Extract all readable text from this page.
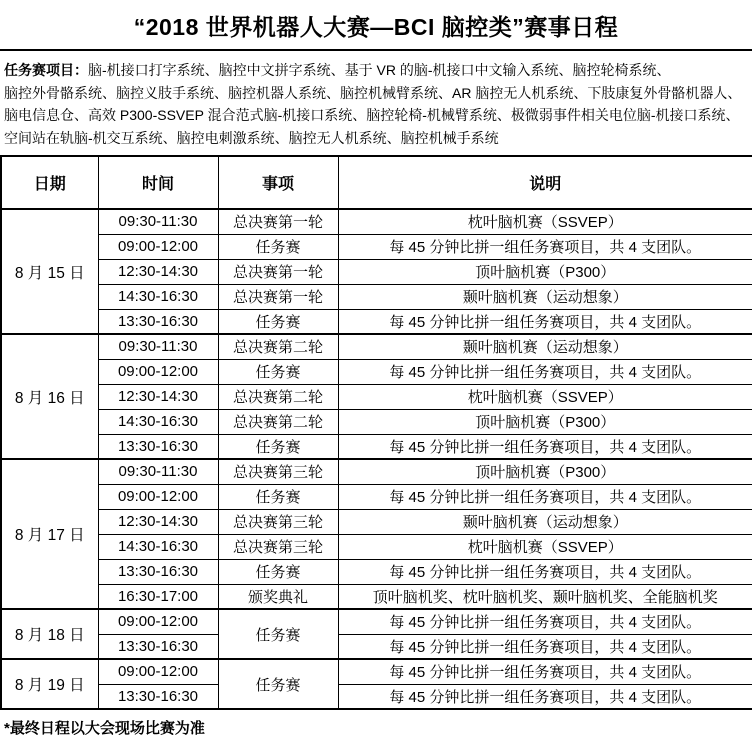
“2018 世界机器人大赛—BCI 脑控类”赛事日程
任务赛项目：脑-机接口打字系统、脑控中文拼字系统、基于 VR 的脑-机接口中文输入系统、脑控轮椅系统、
脑控外骨骼系统、脑控义肢手系统、脑控机器人系统、脑控机械臂系统、AR 脑控无人机系统、下肢康复外骨骼机器人、
脑电信息仓、高效 P300-SSVEP 混合范式脑-机接口系统、脑控轮椅-机械臂系统、极微弱事件相关电位脑-机接口系统、
空间站在轨脑-机交互系统、脑控电刺激系统、脑控无人机系统、脑控机械手系统
日期	时间	事项	说明
8 月 15 日	09:30-11:30	总决赛第一轮	枕叶脑机赛（SSVEP）
	09:00-12:00	任务赛	每 45 分钟比拼一组任务赛项目，共 4 支团队。
	12:30-14:30	总决赛第一轮	顶叶脑机赛（P300）
	14:30-16:30	总决赛第一轮	颞叶脑机赛（运动想象）
	13:30-16:30	任务赛	每 45 分钟比拼一组任务赛项目，共 4 支团队。
8 月 16 日	09:30-11:30	总决赛第二轮	颞叶脑机赛（运动想象）
	09:00-12:00	任务赛	每 45 分钟比拼一组任务赛项目，共 4 支团队。
	12:30-14:30	总决赛第二轮	枕叶脑机赛（SSVEP）
	14:30-16:30	总决赛第二轮	顶叶脑机赛（P300）
	13:30-16:30	任务赛	每 45 分钟比拼一组任务赛项目，共 4 支团队。
8 月 17 日	09:30-11:30	总决赛第三轮	顶叶脑机赛（P300）
	09:00-12:00	任务赛	每 45 分钟比拼一组任务赛项目，共 4 支团队。
	12:30-14:30	总决赛第三轮	颞叶脑机赛（运动想象）
	14:30-16:30	总决赛第三轮	枕叶脑机赛（SSVEP）
	13:30-16:30	任务赛	每 45 分钟比拼一组任务赛项目，共 4 支团队。
	16:30-17:00	颁奖典礼	顶叶脑机奖、枕叶脑机奖、颞叶脑机奖、全能脑机奖
8 月 18 日	09:00-12:00	任务赛	每 45 分钟比拼一组任务赛项目，共 4 支团队。
	13:30-16:30		每 45 分钟比拼一组任务赛项目，共 4 支团队。
8 月 19 日	09:00-12:00	任务赛	每 45 分钟比拼一组任务赛项目，共 4 支团队。
	13:30-16:30		每 45 分钟比拼一组任务赛项目，共 4 支团队。
*最终日程以大会现场比赛为准
